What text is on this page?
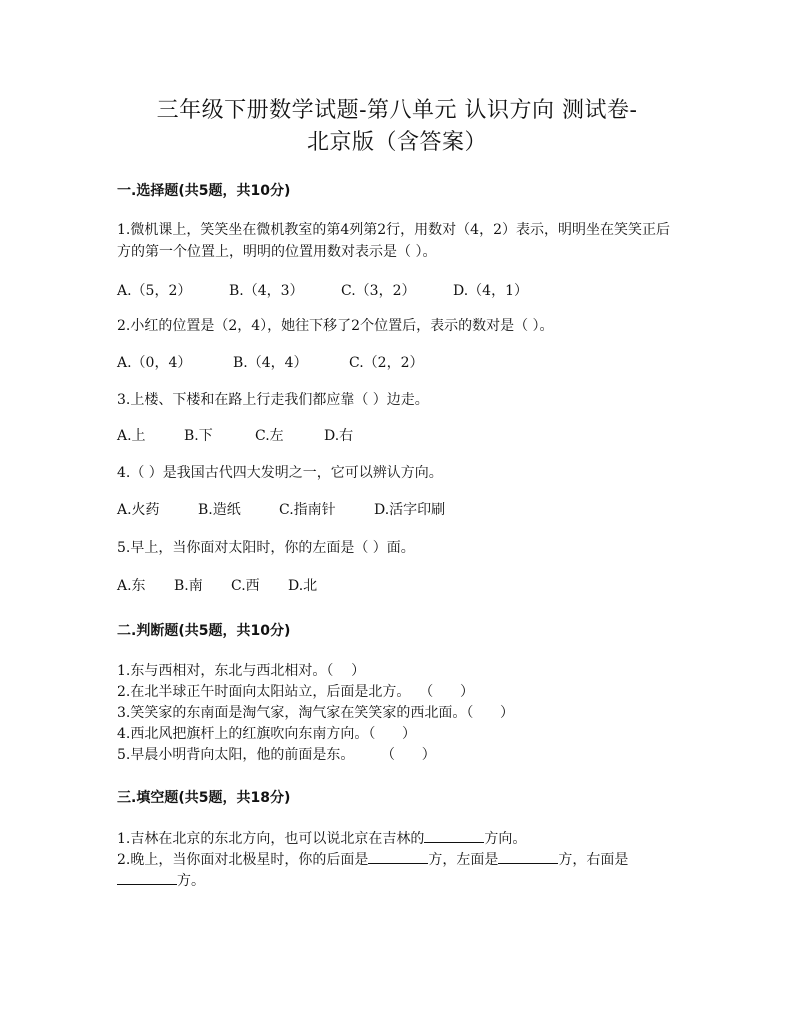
三年级下册数学试题-第八单元 认识方向 测试卷-
北京版（含答案）
一.选择题(共5题，共10分)
1.微机课上，笑笑坐在微机教室的第4列第2行，用数对（4，2）表示，明明坐在笑笑正后方的第一个位置上，明明的位置用数对表示是（ ）。
A.（5，2）	B.（4，3）	C.（3，2）	D.（4，1）
2.小红的位置是（2，4），她往下移了2个位置后，表示的数对是（ ）。
A.（0，4）	B.（4，4）	C.（2，2）
3.上楼、下楼和在路上行走我们都应靠（ ）边走。
A.上	B.下	C.左	D.右
4.（ ）是我国古代四大发明之一，它可以辨认方向。
A.火药	B.造纸	C.指南针	D.活字印刷
5.早上，当你面对太阳时，你的左面是（ ）面。
A.东 B.南 C.西 D.北
二.判断题(共5题，共10分)
1.东与西相对，东北与西北相对。（    ）
2.在北半球正午时面向太阳站立，后面是北方。  （      ）
3.笑笑家的东南面是淘气家，淘气家在笑笑家的西北面。（      ）
4.西北风把旗杆上的红旗吹向东南方向。（      ）
5.早晨小明背向太阳，他的前面是东。      （      ）
三.填空题(共5题，共18分)
1.吉林在北京的东北方向，也可以说北京在吉林的	方向。
2.晚上，当你面对北极星时，你的后面是	方，左面是	方，右面是
方。
